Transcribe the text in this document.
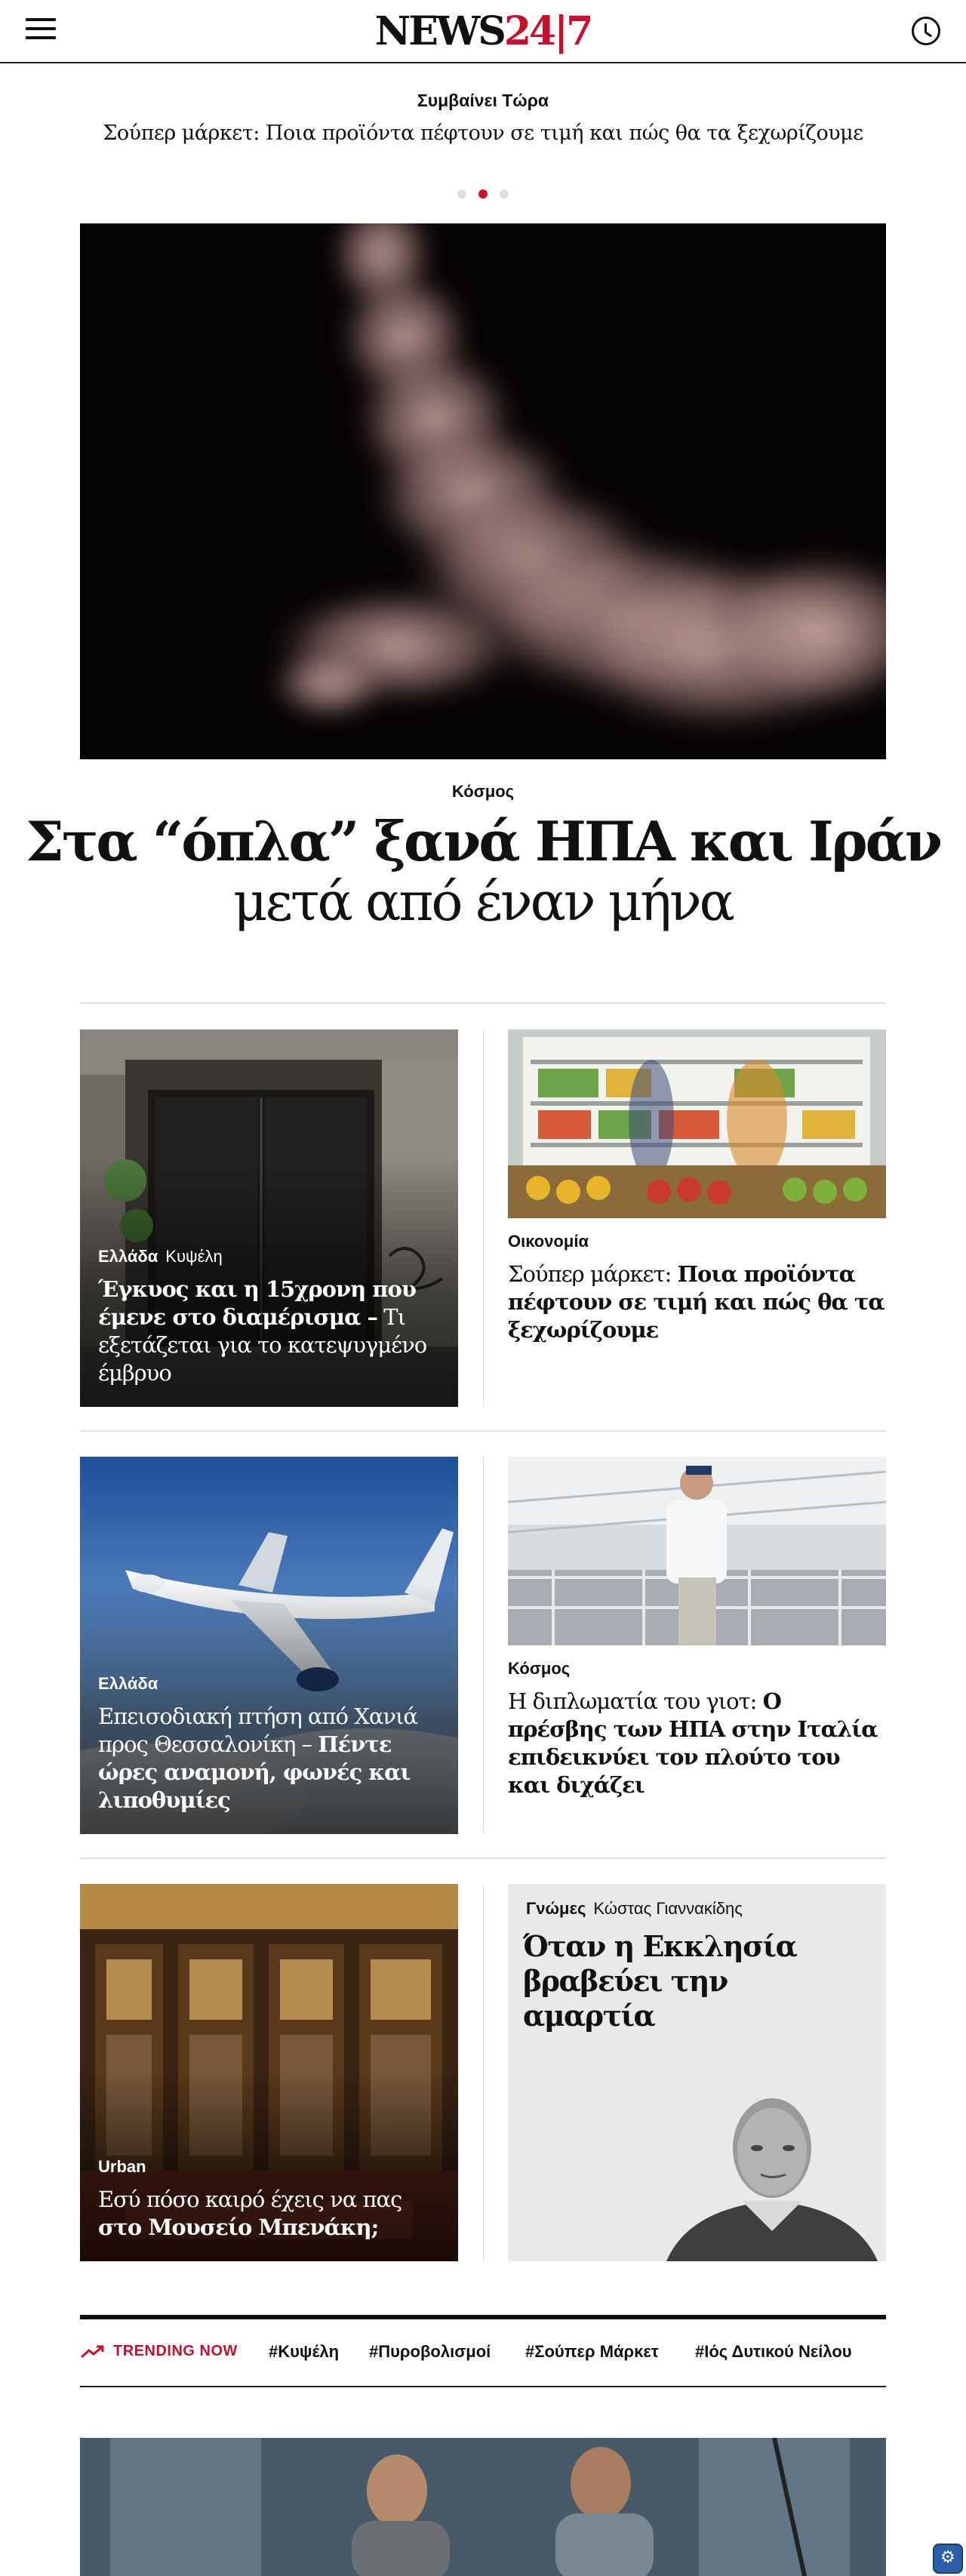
NEWS24|7
Συμβαίνει Τώρα
Σούπερ μάρκετ: Ποια προϊόντα πέφτουν σε τιμή και πώς θα τα ξεχωρίζουμε
Κόσμος
Στα “όπλα” ξανά ΗΠΑ και Ιράν
μετά από έναν μήνα
Ελλάδα Κυψέλη
Έγκυος και η 15χρονη που έμενε στο διαμέρισμα – Τι εξετάζεται για το κατεψυγμένο έμβρυο
Οικονομία
Σούπερ μάρκετ: Ποια προϊόντα πέφτουν σε τιμή και πώς θα τα ξεχωρίζουμε
Ελλάδα
Επεισοδιακή πτήση από Χανιά προς Θεσσαλονίκη – Πέντε ώρες αναμονή, φωνές και λιποθυμίες
Κόσμος
Η διπλωματία του γιοτ: Ο πρέσβης των ΗΠΑ στην Ιταλία επιδεικνύει τον πλούτο του και διχάζει
Urban
Εσύ πόσο καιρό έχεις να πας στο Μουσείο Μπενάκη;
Γνώμες Κώστας Γιαννακίδης
Όταν η Εκκλησία βραβεύει την αμαρτία
TRENDING NOW #Κυψέλη #Πυροβολισμοί #Σούπερ Μάρκετ #Ιός Δυτικού Νείλου
⚙
